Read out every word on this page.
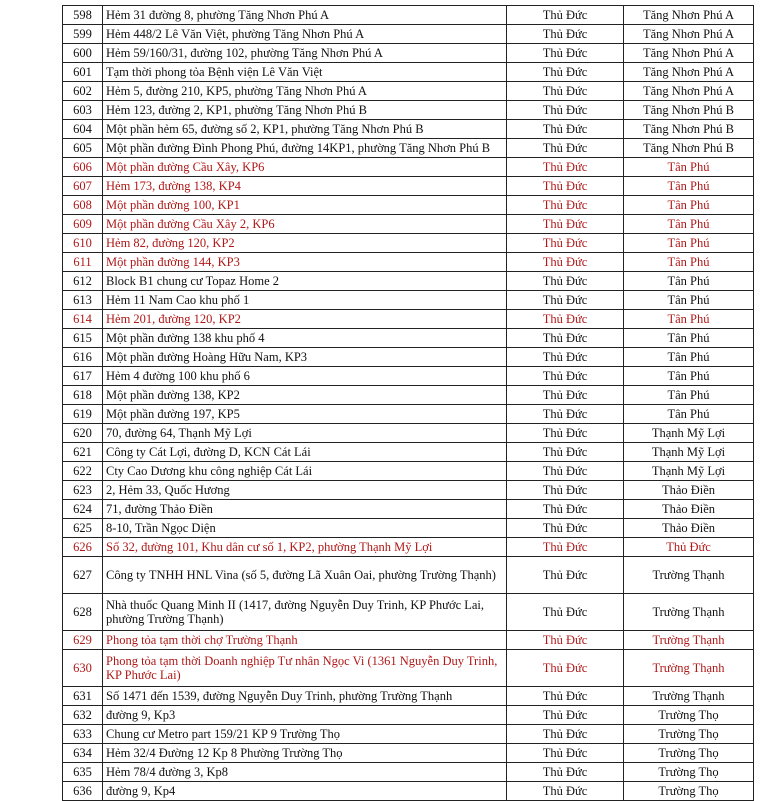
598	Hẻm 31 đường 8, phường Tăng Nhơn Phú A	Thủ Đức	Tăng Nhơn Phú A
599	Hẻm 448/2 Lê Văn Việt, phường Tăng Nhơn Phú A	Thủ Đức	Tăng Nhơn Phú A
600	Hẻm 59/160/31, đường 102, phường Tăng Nhơn Phú A	Thủ Đức	Tăng Nhơn Phú A
601	Tạm thời phong tỏa Bệnh viện Lê Văn Việt	Thủ Đức	Tăng Nhơn Phú A
602	Hẻm 5, đường 210, KP5, phường Tăng Nhơn Phú A	Thủ Đức	Tăng Nhơn Phú A
603	Hẻm 123, đường 2, KP1, phường Tăng Nhơn Phú B	Thủ Đức	Tăng Nhơn Phú B
604	Một phần hẻm 65, đường số 2, KP1, phường Tăng Nhơn Phú B	Thủ Đức	Tăng Nhơn Phú B
605	Một phần đường Đình Phong Phú, đường 14KP1, phường Tăng Nhơn Phú B	Thủ Đức	Tăng Nhơn Phú B
606	Một phần đường Cầu Xây, KP6	Thủ Đức	Tân Phú
607	Hẻm 173, đường 138, KP4	Thủ Đức	Tân Phú
608	Một phần đường 100, KP1	Thủ Đức	Tân Phú
609	Một phần đường Cầu Xây 2, KP6	Thủ Đức	Tân Phú
610	Hẻm 82, đường 120, KP2	Thủ Đức	Tân Phú
611	Một phần đường 144, KP3	Thủ Đức	Tân Phú
612	Block B1 chung cư Topaz Home 2	Thủ Đức	Tân Phú
613	Hẻm 11 Nam Cao khu phố 1	Thủ Đức	Tân Phú
614	Hẻm 201, đường 120, KP2	Thủ Đức	Tân Phú
615	Một phần đường 138 khu phố 4	Thủ Đức	Tân Phú
616	Một phần đường Hoàng Hữu Nam, KP3	Thủ Đức	Tân Phú
617	Hẻm 4 đường 100 khu phố 6	Thủ Đức	Tân Phú
618	Một phần đường 138, KP2	Thủ Đức	Tân Phú
619	Một phần đường 197, KP5	Thủ Đức	Tân Phú
620	70, đường 64, Thạnh Mỹ Lợi	Thủ Đức	Thạnh Mỹ Lợi
621	Công ty Cát Lợi, đường D, KCN Cát Lái	Thủ Đức	Thạnh Mỹ Lợi
622	Cty Cao Dương khu công nghiệp Cát Lái	Thủ Đức	Thạnh Mỹ Lợi
623	2, Hẻm 33, Quốc Hương	Thủ Đức	Thảo Điền
624	71, đường Thảo Điền	Thủ Đức	Thảo Điền
625	8-10, Trần Ngọc Diện	Thủ Đức	Thảo Điền
626	Số 32, đường 101, Khu dân cư số 1, KP2, phường Thạnh Mỹ Lợi	Thủ Đức	Thủ Đức
627	Công ty TNHH HNL Vina (số 5, đường Lã Xuân Oai, phường Trường Thạnh)	Thủ Đức	Trường Thạnh
628	Nhà thuốc Quang Minh II (1417, đường Nguyễn Duy Trinh, KP Phước Lai, phường Trường Thạnh)	Thủ Đức	Trường Thạnh
629	Phong tỏa tạm thời chợ Trường Thạnh	Thủ Đức	Trường Thạnh
630	Phong tỏa tạm thời Doanh nghiệp Tư nhân Ngọc Vi (1361 Nguyễn Duy Trinh, KP Phước Lai)	Thủ Đức	Trường Thạnh
631	Số 1471 đến 1539, đường Nguyễn Duy Trinh, phường Trường Thạnh	Thủ Đức	Trường Thạnh
632	đường 9, Kp3	Thủ Đức	Trường Thọ
633	Chung cư Metro part 159/21 KP 9 Trường Thọ	Thủ Đức	Trường Thọ
634	Hẻm 32/4 Đường 12 Kp 8 Phường Trường Thọ	Thủ Đức	Trường Thọ
635	Hẻm 78/4 đường 3, Kp8	Thủ Đức	Trường Thọ
636	đường 9, Kp4	Thủ Đức	Trường Thọ
